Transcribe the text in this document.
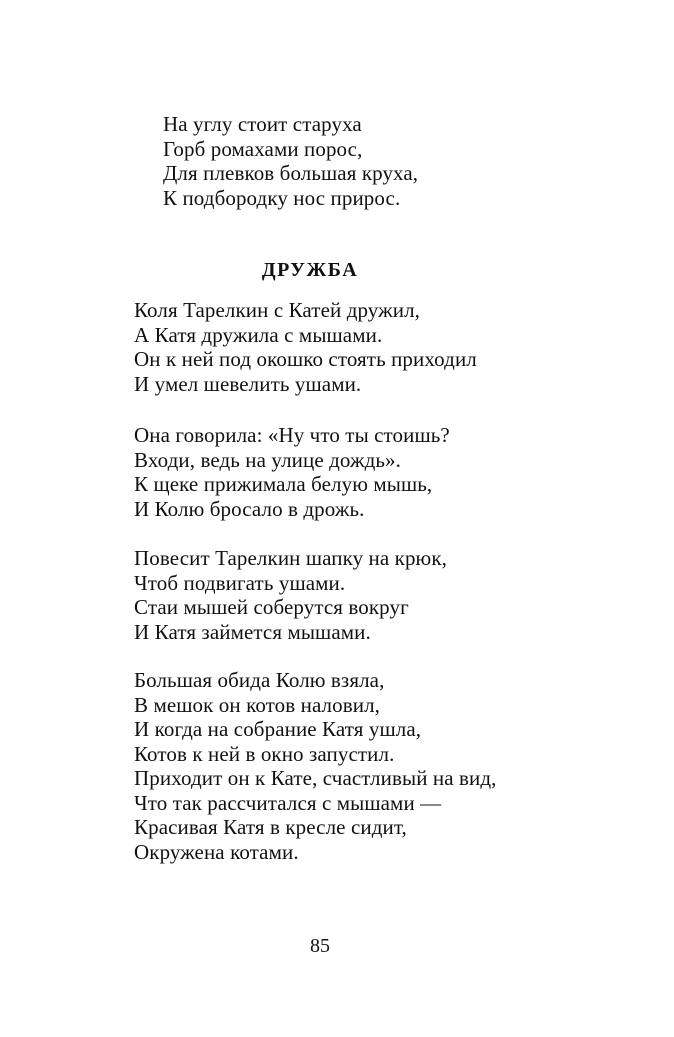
На углу стоит старуха
Горб ромахами порос,
Для плевков большая круха,
К подбородку нос прирос.
ДРУЖБА
Коля Тарелкин с Катей дружил,
А Катя дружила с мышами.
Он к ней под окошко стоять приходил
И умел шевелить ушами.
Она говорила: «Ну что ты стоишь?
Входи, ведь на улице дождь».
К щеке прижимала белую мышь,
И Колю бросало в дрожь.
Повесит Тарелкин шапку на крюк,
Чтоб подвигать ушами.
Стаи мышей соберутся вокруг
И Катя займется мышами.
Большая обида Колю взяла,
В мешок он котов наловил,
И когда на собрание Катя ушла,
Котов к ней в окно запустил.
Приходит он к Кате, счастливый на вид,
Что так рассчитался с мышами —
Красивая Катя в кресле сидит,
Окружена котами.
85
